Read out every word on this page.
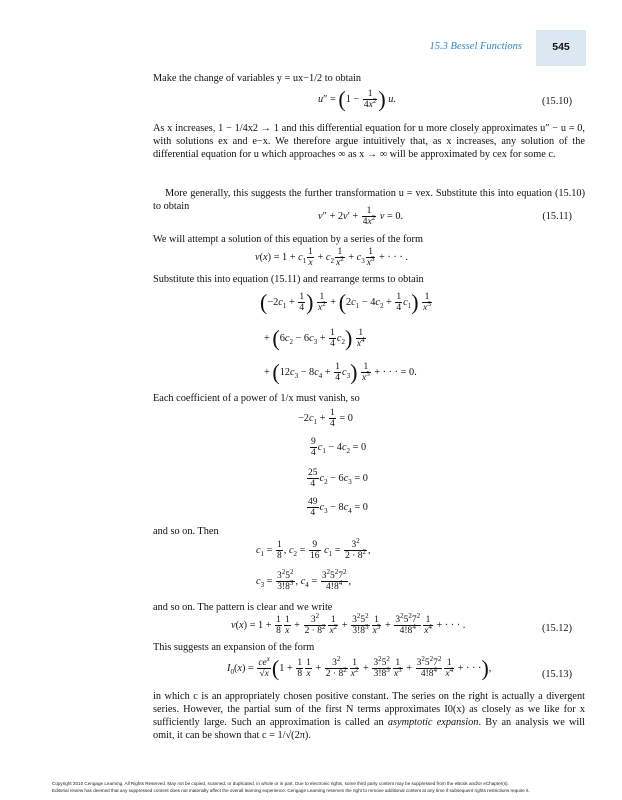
15.3 Bessel Functions	545
Make the change of variables y = ux−1/2 to obtain
$u'' = (1 - \frac{1}{4x^2}$ ) u.	(15.10)
As x increases, 1 − 1/4x2 → 1 and this differential equation for u more closely approximates u″ − u = 0, with solutions ex and e−x. We therefore argue intuitively that, as x increases, any solution of the differential equation for u which approaches ∞ as x → ∞ will be approximated by cex for some c.
More generally, this suggests the further transformation u = vex. Substitute this into equation (15.10) to obtain
$v'' + 2v' + \frac{1}{4x^2}$ v = 0.	(15.11)
We will attempt a solution of this equation by a series of the form
$v(x) = 1 + c_1 \frac{1}{x} + c_2 \frac{1}{x^2} + c_3 \frac{1}{x^3}$ + · · · .
Substitute this into equation (15.11) and rearrange terms to obtain
($-2c_1 + \frac{1}{4}$ ) $\frac{1}{x^2} + (2c_1 - 4c_2 + \frac{1}{4} c_1) \frac{1}{x^3}$
+ $(6c_2 - 6c_3 + \frac{1}{4} c_2) \frac{1}{x^4}$
+ $(12c_3 - 8c_4 + \frac{1}{4} c_3) \frac{1}{x^5}$ + · · · = 0.
Each coefficient of a power of 1/x must vanish, so
$-2c_1 + \frac{1}{4} = 0$
$\frac{9}{4} c_1 - 4c_2 = 0$
$\frac{25}{4} c_2 - 6c_3 = 0$
$\frac{49}{4} c_3 - 8c_4 = 0$
and so on. Then
$c_1 = \frac{1}{8}$ , $c_2 = \frac{9}{16} c_1 = \frac{3^2}{2 \cdot 8^2}$ ,
$c_3 = \frac{3^25^2}{3!8^3}$ , $c_4 = \frac{3^25^27^2}{4!8^4}$ ,
and so on. The pattern is clear and we write
$v(x) = 1 + \frac{1}{8} \frac{1}{x} + \frac{3^2}{2 \cdot 8^2} \frac{1}{x^2} + \frac{3^25^2}{3!8^3} \frac{1}{x^3} + \frac{3^25^27^2}{4!8^4} \frac{1}{x^4}$ + · · · .	(15.12)
This suggests an expansion of the form
$I_0(x) = \frac{ce^x}{√x} (1 + \frac{1}{8} \frac{1}{x} + \frac{3^2}{2 \cdot 8^2} \frac{1}{x^2} + \frac{3^25^2}{3!8^3} \frac{1}{x^3} + \frac{3^25^27^2}{4!8^4} \frac{1}{x^4}$ + · · ·),
(15.13)
in which c is an appropriately chosen positive constant. The series on the right is actually a divergent series. However, the partial sum of the first N terms approximates I0(x) as closely as we like for x sufficiently large. Such an approximation is called an asymptotic expansion. By an analysis we will omit, it can be shown that c = 1/√(2π).
Copyright 2010 Cengage Learning. All Rights Reserved. May not be copied, scanned, or duplicated, in whole or in part. Due to electronic rights, some third party content may be suppressed from the eBook and/or eChapter(s).
Editorial review has deemed that any suppressed content does not materially affect the overall learning experience. Cengage Learning reserves the right to remove additional content at any time if subsequent rights restrictions require it.
